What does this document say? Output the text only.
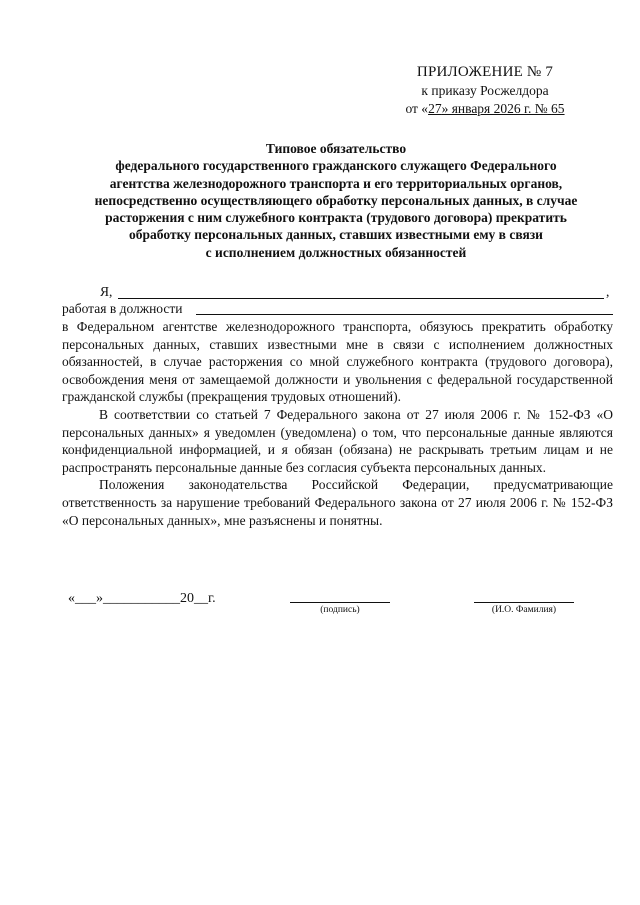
ПРИЛОЖЕНИЕ № 7
к приказу Росжелдора
от «27» января 2026 г. № 65
Типовое обязательство
федерального государственного гражданского служащего Федерального
агентства железнодорожного транспорта и его территориальных органов,
непосредственно осуществляющего обработку персональных данных, в случае
расторжения с ним служебного контракта (трудового договора) прекратить
обработку персональных данных, ставших известными ему в связи
с исполнением должностных обязанностей
Я,	,
работая в должности

в Федеральном агентстве железнодорожного транспорта, обязуюсь прекратить обработку персональных данных, ставших известными мне в связи с исполнением должностных обязанностей, в случае расторжения со мной служебного контракта (трудового договора), освобождения меня от замещаемой должности и увольнения с федеральной государственной гражданской службы (прекращения трудовых отношений).

В соответствии со статьей 7 Федерального закона от 27 июля 2006 г. № 152-ФЗ «О персональных данных» я уведомлен (уведомлена) о том, что персональные данные являются конфиденциальной информацией, и я обязан (обязана) не раскрывать третьим лицам и не распространять персональные данные без согласия субъекта персональных данных.

Положения законодательства Российской Федерации, предусматривающие ответственность за нарушение требований Федерального закона от 27 июля 2006 г. № 152-ФЗ «О персональных данных», мне разъяснены и понятны.

«___»___________20__г.
(подпись)	(И.О. Фамилия)
